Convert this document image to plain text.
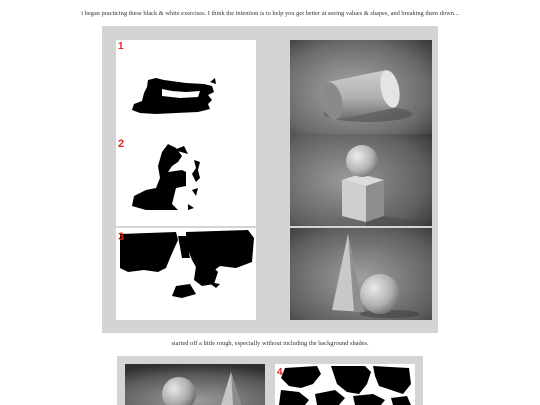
i began practicing these black & white exercises. I think the intention is to help you get better at seeing values & shapes, and breaking them down...
1
2
3
started off a little rough, especially without including the background shades.
4
